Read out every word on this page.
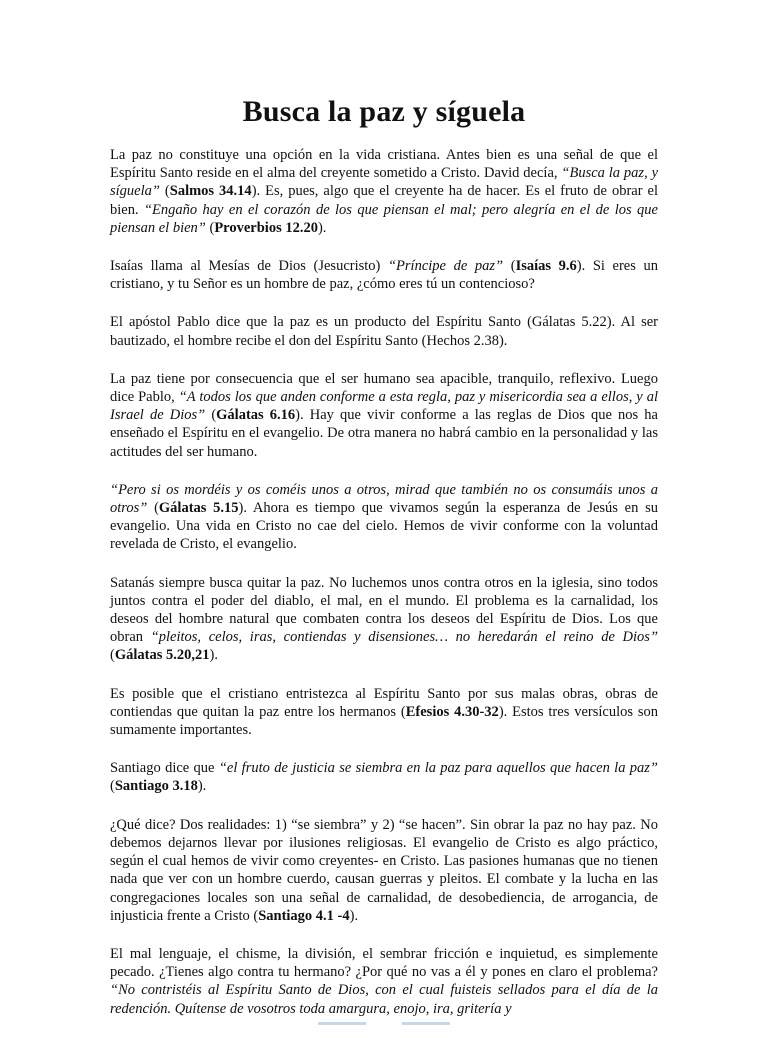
Busca la paz y síguela

La paz no constituye una opción en la vida cristiana. Antes bien es una señal de que el Espíritu Santo reside en el alma del creyente sometido a Cristo. David decía, “Busca la paz, y síguela” (Salmos 34.14). Es, pues, algo que el creyente ha de hacer. Es el fruto de obrar el bien. “Engaño hay en el corazón de los que piensan el mal; pero alegría en el de los que piensan el bien” (Proverbios 12.20).

Isaías llama al Mesías de Dios (Jesucristo) “Príncipe de paz” (Isaías 9.6). Si eres un cristiano, y tu Señor es un hombre de paz, ¿cómo eres tú un contencioso?

El apóstol Pablo dice que la paz es un producto del Espíritu Santo (Gálatas 5.22). Al ser bautizado, el hombre recibe el don del Espíritu Santo (Hechos 2.38).

La paz tiene por consecuencia que el ser humano sea apacible, tranquilo, reflexivo. Luego dice Pablo, “A todos los que anden conforme a esta regla, paz y misericordia sea a ellos, y al Israel de Dios” (Gálatas 6.16). Hay que vivir conforme a las reglas de Dios que nos ha enseñado el Espíritu en el evangelio. De otra manera no habrá cambio en la personalidad y las actitudes del ser humano.

“Pero si os mordéis y os coméis unos a otros, mirad que también no os consumáis unos a otros” (Gálatas 5.15). Ahora es tiempo que vivamos según la esperanza de Jesús en su evangelio. Una vida en Cristo no cae del cielo. Hemos de vivir conforme con la voluntad revelada de Cristo, el evangelio.

Satanás siempre busca quitar la paz. No luchemos unos contra otros en la iglesia, sino todos juntos contra el poder del diablo, el mal, en el mundo. El problema es la carnalidad, los deseos del hombre natural que combaten contra los deseos del Espíritu de Dios. Los que obran “pleitos, celos, iras, contiendas y disensiones… no heredarán el reino de Dios” (Gálatas 5.20,21).

Es posible que el cristiano entristezca al Espíritu Santo por sus malas obras, obras de contiendas que quitan la paz entre los hermanos (Efesios 4.30-32). Estos tres versículos son sumamente importantes.

Santiago dice que “el fruto de justicia se siembra en la paz para aquellos que hacen la paz” (Santiago 3.18).

¿Qué dice? Dos realidades: 1) “se siembra” y 2) “se hacen”. Sin obrar la paz no hay paz. No debemos dejarnos llevar por ilusiones religiosas. El evangelio de Cristo es algo práctico, según el cual hemos de vivir como creyentes- en Cristo. Las pasiones humanas que no tienen nada que ver con un hombre cuerdo, causan guerras y pleitos. El combate y la lucha en las congregaciones locales son una señal de carnalidad, de desobediencia, de arrogancia, de injusticia frente a Cristo (Santiago 4.1 -4).

El mal lenguaje, el chisme, la división, el sembrar fricción e inquietud, es simplemente pecado. ¿Tienes algo contra tu hermano? ¿Por qué no vas a él y pones en claro el problema? “No contristéis al Espíritu Santo de Dios, con el cual fuisteis sellados para el día de la redención. Quítense de vosotros toda amargura, enojo, ira, gritería y
